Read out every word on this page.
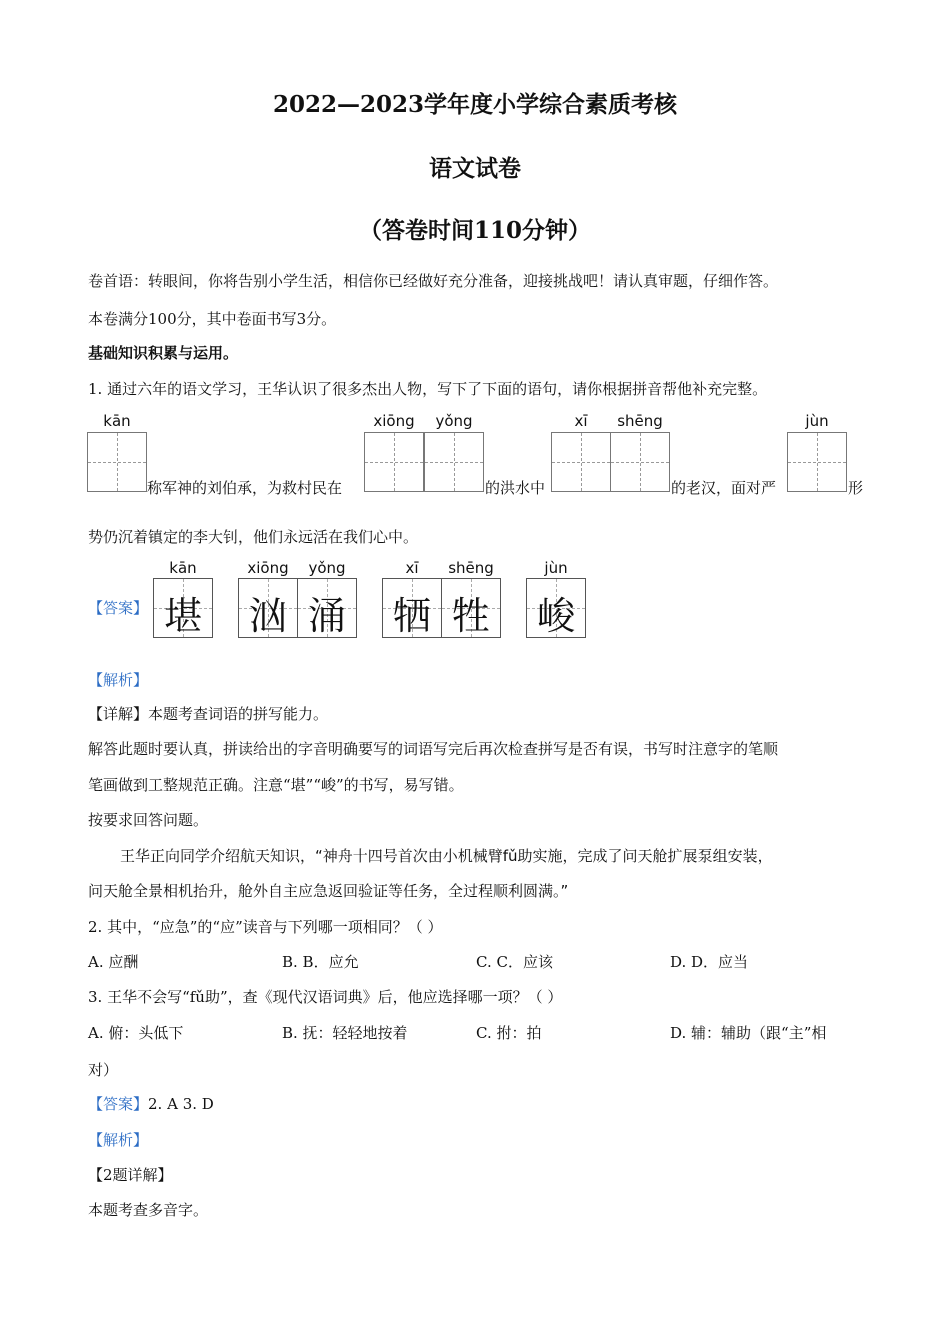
2022—2023学年度小学综合素质考核
语文试卷
（答卷时间110分钟）
卷首语：转眼间，你将告别小学生活，相信你已经做好充分准备，迎接挑战吧！请认真审题，仔细作答。
本卷满分100分，其中卷面书写3分。
基础知识积累与运用。
1. 通过六年的语文学习，王华认识了很多杰出人物，写下了下面的语句，请你根据拼音帮他补充完整。
kān	xiōng	yǒng	xī	shēng	jùn
称军神的刘伯承，为救村民在	的洪水中	的老汉，面对严	形
势仍沉着镇定的李大钊，他们永远活在我们心中。
【答案】
kān	xiōng	yǒng	xī	shēng	jùn
堪 汹 涌 牺 牲 峻
【解析】
【详解】本题考查词语的拼写能力。
解答此题时要认真，拼读给出的字音明确要写的词语写完后再次检查拼写是否有误，书写时注意字的笔顺
笔画做到工整规范正确。注意“堪”“峻”的书写，易写错。
按要求回答问题。
王华正向同学介绍航天知识，“神舟十四号首次由小机械臂fǔ助实施，完成了问天舱扩展泵组安装，
问天舱全景相机抬升，舱外自主应急返回验证等任务，全过程顺利圆满。”
2. 其中，“应急”的“应”读音与下列哪一项相同？（ ）
A. 应酬	B. B．应允	C. C．应该	D. D．应当
3. 王华不会写“fǔ助”，查《现代汉语词典》后，他应选择哪一项？（ ）
A. 俯：头低下	B. 抚：轻轻地按着	C. 拊：拍	D. 辅：辅助（跟“主”相
对）
【答案】2. A 3. D
【解析】
【2题详解】
本题考查多音字。
